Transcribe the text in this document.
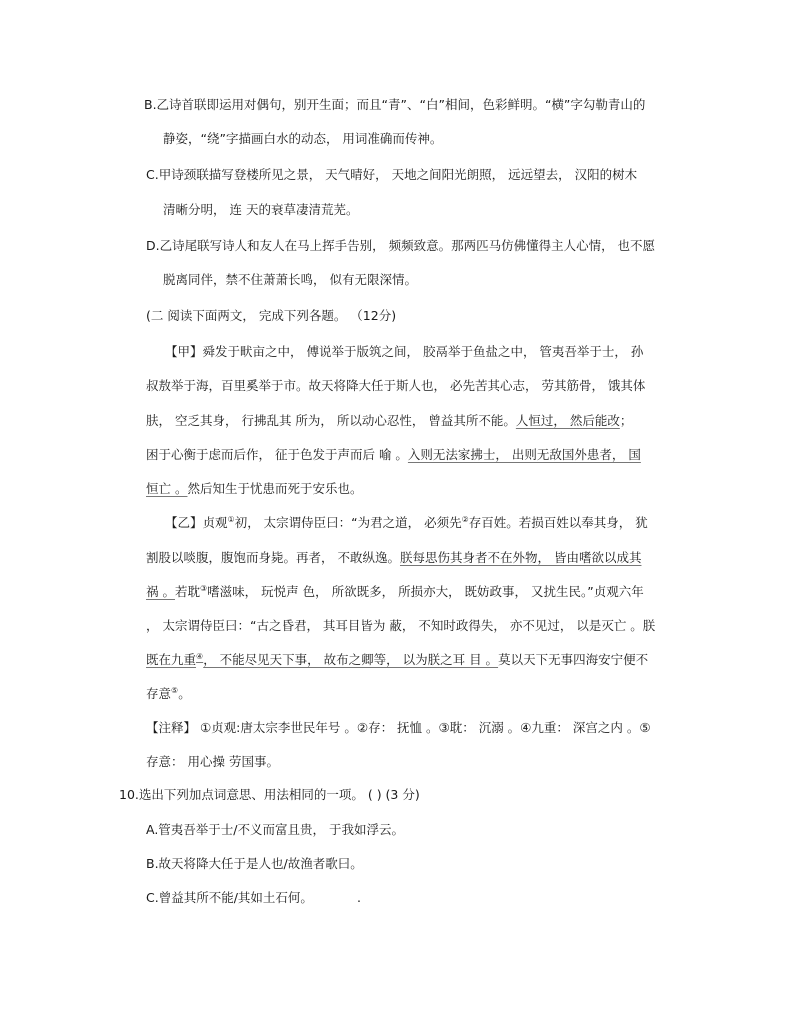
B.乙诗首联即运用对偶句，别开生面；而且“青”、“白”相间，色彩鲜明。“横”字勾勒青山的
静姿，“绕”字描画白水的动态， 用词准确而传神。
C.甲诗颈联描写登楼所见之景， 天气晴好， 天地之间阳光朗照， 远远望去， 汉阳的树木
清晰分明， 连 天的衰草凄清荒芜。
D.乙诗尾联写诗人和友人在马上挥手告别， 频频致意。那两匹马仿佛懂得主人心情， 也不愿
脱离同伴，禁不住萧萧长鸣， 似有无限深情。
(二 阅读下面两文， 完成下列各题。 （12分)
【甲】舜发于畎亩之中， 傅说举于版筑之间， 胶鬲举于鱼盐之中， 管夷吾举于士， 孙
叔敖举于海，百里奚举于市。故天将降大任于斯人也， 必先苦其心志， 劳其筋骨， 饿其体
肤， 空乏其身， 行拂乱其 所为， 所以动心忍性， 曾益其所不能。人恒过， 然后能改；
困于心衡于虑而后作， 征于色发于声而后 喻 。入则无法家拂士， 出则无敌国外患者， 国
恒亡 。然后知生于忧患而死于安乐也。
【乙】贞观①初， 太宗谓侍臣曰：“为君之道， 必须先②存百姓。若损百姓以奉其身， 犹
割股以啖腹，腹饱而身毙。再者， 不敢纵逸。朕每思伤其身者不在外物， 皆由嗜欲以成其
祸 。若耽③嗜滋味， 玩悦声 色， 所欲既多， 所损亦大， 既妨政事， 又扰生民。”贞观六年
， 太宗谓侍臣曰：“古之昏君， 其耳目皆为 蔽， 不知时政得失， 亦不见过， 以是灭亡 。朕
既在九重④， 不能尽见天下事， 故布之卿等， 以为朕之耳 目 。莫以天下无事四海安宁便不
存意⑤。
【注释】 ①贞观:唐太宗李世民年号 。②存： 抚恤 。③耽： 沉溺 。④九重： 深宫之内 。⑤
存意： 用心操 劳国事。
10.选出下列加点词意思、用法相同的一项。 ( ) (3 分)
A.管夷吾举于士/不义而富且贵， 于我如浮云。
B.故天将降大任于是人也/故渔者歌曰。
C.曾益其所不能/其如土石何。	.
